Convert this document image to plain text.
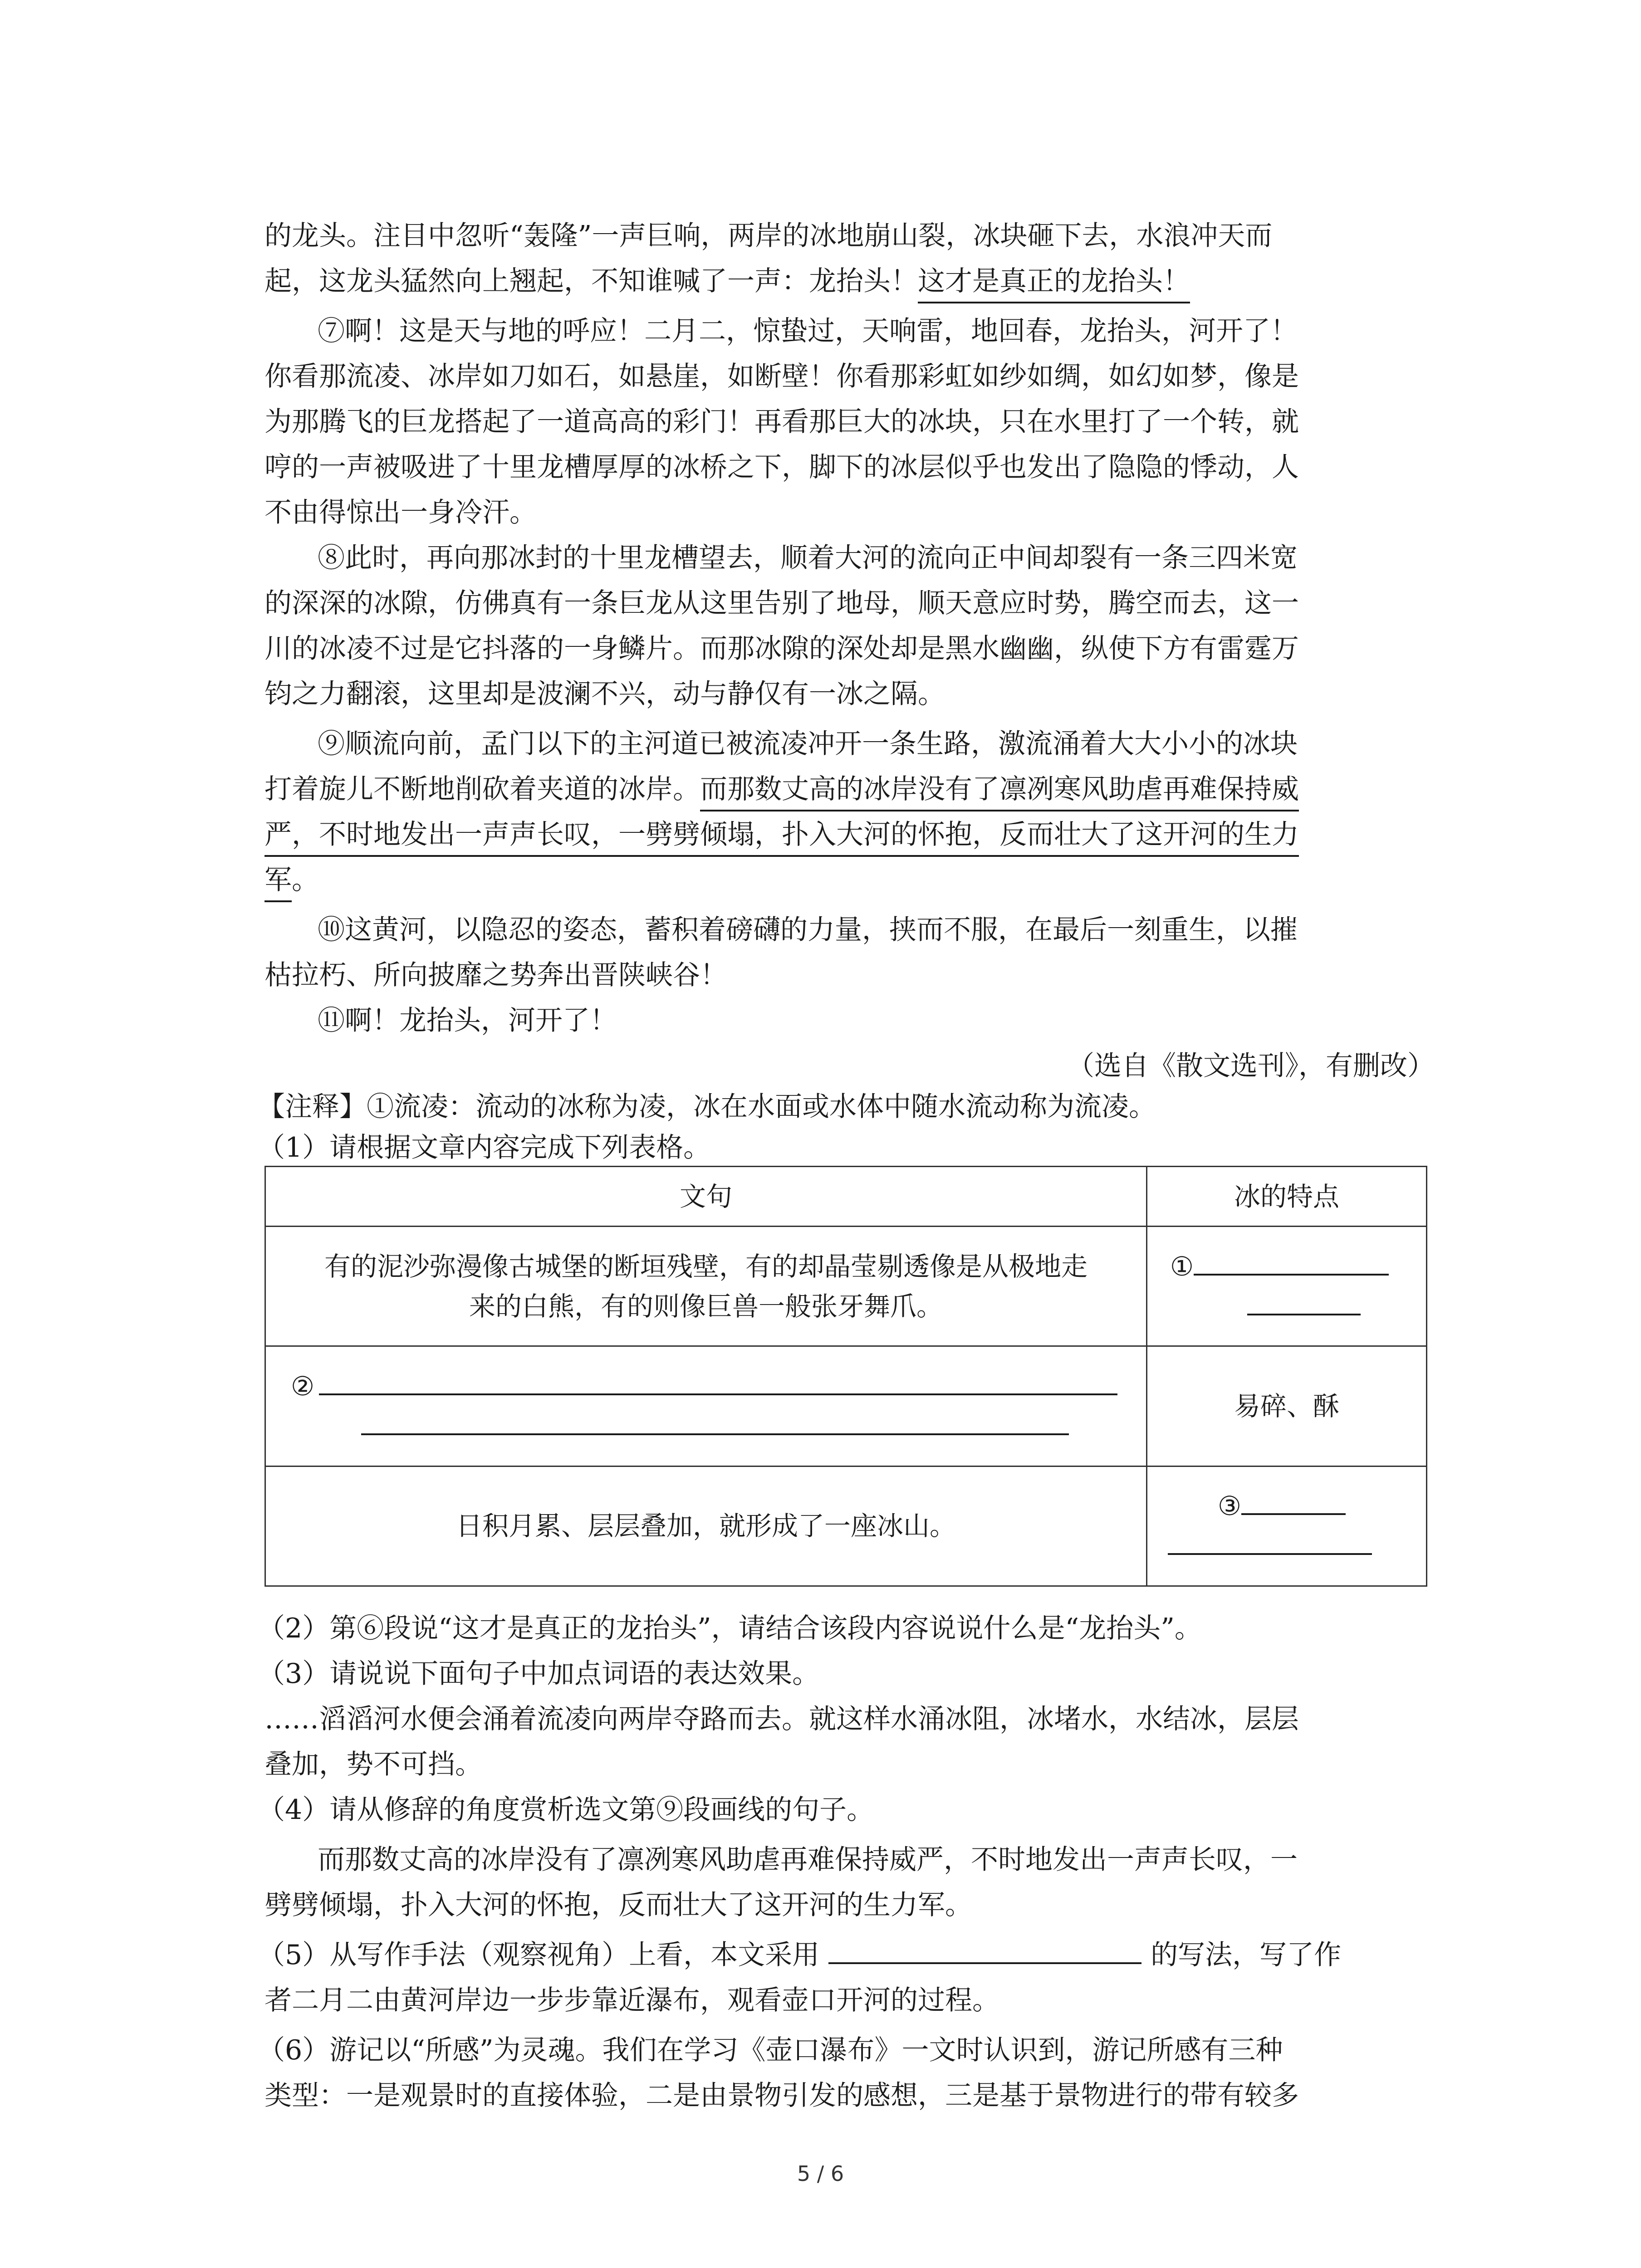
的龙头。注目中忽听“轰隆”一声巨响，两岸的冰地崩山裂，冰块砸下去，水浪冲天而
起，这龙头猛然向上翘起，不知谁喊了一声：龙抬头！这才是真正的龙抬头！
⑦啊！这是天与地的呼应！二月二，惊蛰过，天响雷，地回春，龙抬头，河开了！
你看那流凌、冰岸如刀如石，如悬崖，如断壁！你看那彩虹如纱如绸，如幻如梦，像是
为那腾飞的巨龙搭起了一道高高的彩门！再看那巨大的冰块，只在水里打了一个转，就
哼的一声被吸进了十里龙槽厚厚的冰桥之下，脚下的冰层似乎也发出了隐隐的悸动，人
不由得惊出一身冷汗。
⑧此时，再向那冰封的十里龙槽望去，顺着大河的流向正中间却裂有一条三四米宽
的深深的冰隙，仿佛真有一条巨龙从这里告别了地母，顺天意应时势，腾空而去，这一
川的冰凌不过是它抖落的一身鳞片。而那冰隙的深处却是黑水幽幽，纵使下方有雷霆万
钧之力翻滚，这里却是波澜不兴，动与静仅有一冰之隔。
⑨顺流向前，孟门以下的主河道已被流凌冲开一条生路，激流涌着大大小小的冰块
打着旋儿不断地削砍着夹道的冰岸。而那数丈高的冰岸没有了凛冽寒风助虐再难保持威
严，不时地发出一声声长叹，一劈劈倾塌，扑入大河的怀抱，反而壮大了这开河的生力
军。
⑩这黄河，以隐忍的姿态，蓄积着磅礴的力量，挟而不服，在最后一刻重生，以摧
枯拉朽、所向披靡之势奔出晋陕峡谷！
⑪啊！龙抬头，河开了！
（选自《散文选刊》，有删改）
【注释】①流凌：流动的冰称为凌，冰在水面或水体中随水流动称为流凌。
（1）请根据文章内容完成下列表格。
文句	冰的特点

有的泥沙弥漫像古城堡的断垣残壁，有的却晶莹剔透像是从极地走
来的白熊，有的则像巨兽一般张牙舞爪。	①

②	易碎、酥
日积月累、层层叠加，就形成了一座冰山。	③
（2）第⑥段说“这才是真正的龙抬头”，请结合该段内容说说什么是“龙抬头”。
（3）请说说下面句子中加点词语的表达效果。
……滔滔河水便会涌着流凌向两岸夺路而去。就这样水涌冰阻，冰堵水，水结冰，层层
叠加，势不可挡。
（4）请从修辞的角度赏析选文第⑨段画线的句子。
而那数丈高的冰岸没有了凛冽寒风助虐再难保持威严，不时地发出一声声长叹，一
劈劈倾塌，扑入大河的怀抱，反而壮大了这开河的生力军。
（5）从写作手法（观察视角）上看，本文采用	的写法，写了作
者二月二由黄河岸边一步步靠近瀑布，观看壶口开河的过程。
（6）游记以“所感”为灵魂。我们在学习《壶口瀑布》一文时认识到，游记所感有三种
类型：一是观景时的直接体验，二是由景物引发的感想，三是基于景物进行的带有较多
5 / 6
